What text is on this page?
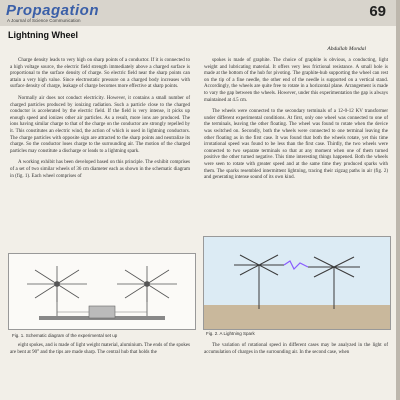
Propagation
A Journal of Science Communication
69
Lightning Wheel
Abdullah Mondal

Charge density leads to very high on sharp points of a conductor. If it is connected to a high voltage source, the electric field strength immediately above a charged surface is proportional to the surface density of charge. So electric field near the sharp points can attain a very high value. Since electrostatic pressure on a charged body increases with surface density of charge, leakage of charge becomes more effective at sharp points.

Normally air does not conduct electricity. However, it contains a small number of charged particles produced by ionizing radiation. Such a particle close to the charged conductor is accelerated by the electric field. If the field is very intense, it picks up enough speed and ionizes other air particles. As a result, more ions are produced. The ions having similar charge to that of the charge on the conductor are strongly repelled by it. This constitutes an electric wind, the action of which is used in lightning conductors. The charge particles with opposite sign are attracted to the sharp points and neutralize its charge. So the conductor loses charge to the surrounding air. The motion of the charged particles may constitute a discharge or leads to a lightning spark.

A working exhibit has been developed based on this principle. The exhibit comprises of a set of two similar wheels of 36 cm diameter each as shown in the schematic diagram in (fig. 1). Each wheel comprises of

spokes is made of graphite. The choice of graphite is obvious, a conducting, light weight and lubricating material. It offers very less frictional resistance. A small hole is made at the bottom of the hub for pivoting. The graphite-hub supporting the wheel can rest on the tip of a fine needle, the other end of the needle is supported on a vertical stand. Accordingly, the wheels are quite free to rotate in a horizontal plane. Arrangement is made to vary the gap between the wheels. However, under this experimentation the gap is always maintained at 4.5 cm.

The wheels were connected to the secondary terminals of a 12-0-12 KV transformer under different experimental conditions. At first, only one wheel was connected to one of the terminals, leaving the other floating. The wheel was found to rotate when the device was switched on. Secondly, both the wheels were connected to one terminal leaving the other floating as in the first case. It was found that both the wheels rotate, yet this time irrotational speed was found to be less than the first case. Thirdly, the two wheels were connected to two separate terminals so that at any moment when one of them turned positive the other turned negative. This time interesting things happened. Both the wheels were seen to rotate with greater speed and at the same time they produced sparks with them. The sparks resembled intermittent lightning, tracing their zigzag paths in air (fig. 2) and generating intense sound of its own kind.

Fig. 1. Schematic diagram of the experimental set up	Fig. 2. A Lightning Spark

eight spokes, and is made of light weight material, aluminium. The ends of the spokes are bent at 90° and the tips are made sharp. The central hub that holds the

The variation of rotational speed in different cases may be analyzed in the light of accumulation of charges in the surrounding air. In the second case, when
